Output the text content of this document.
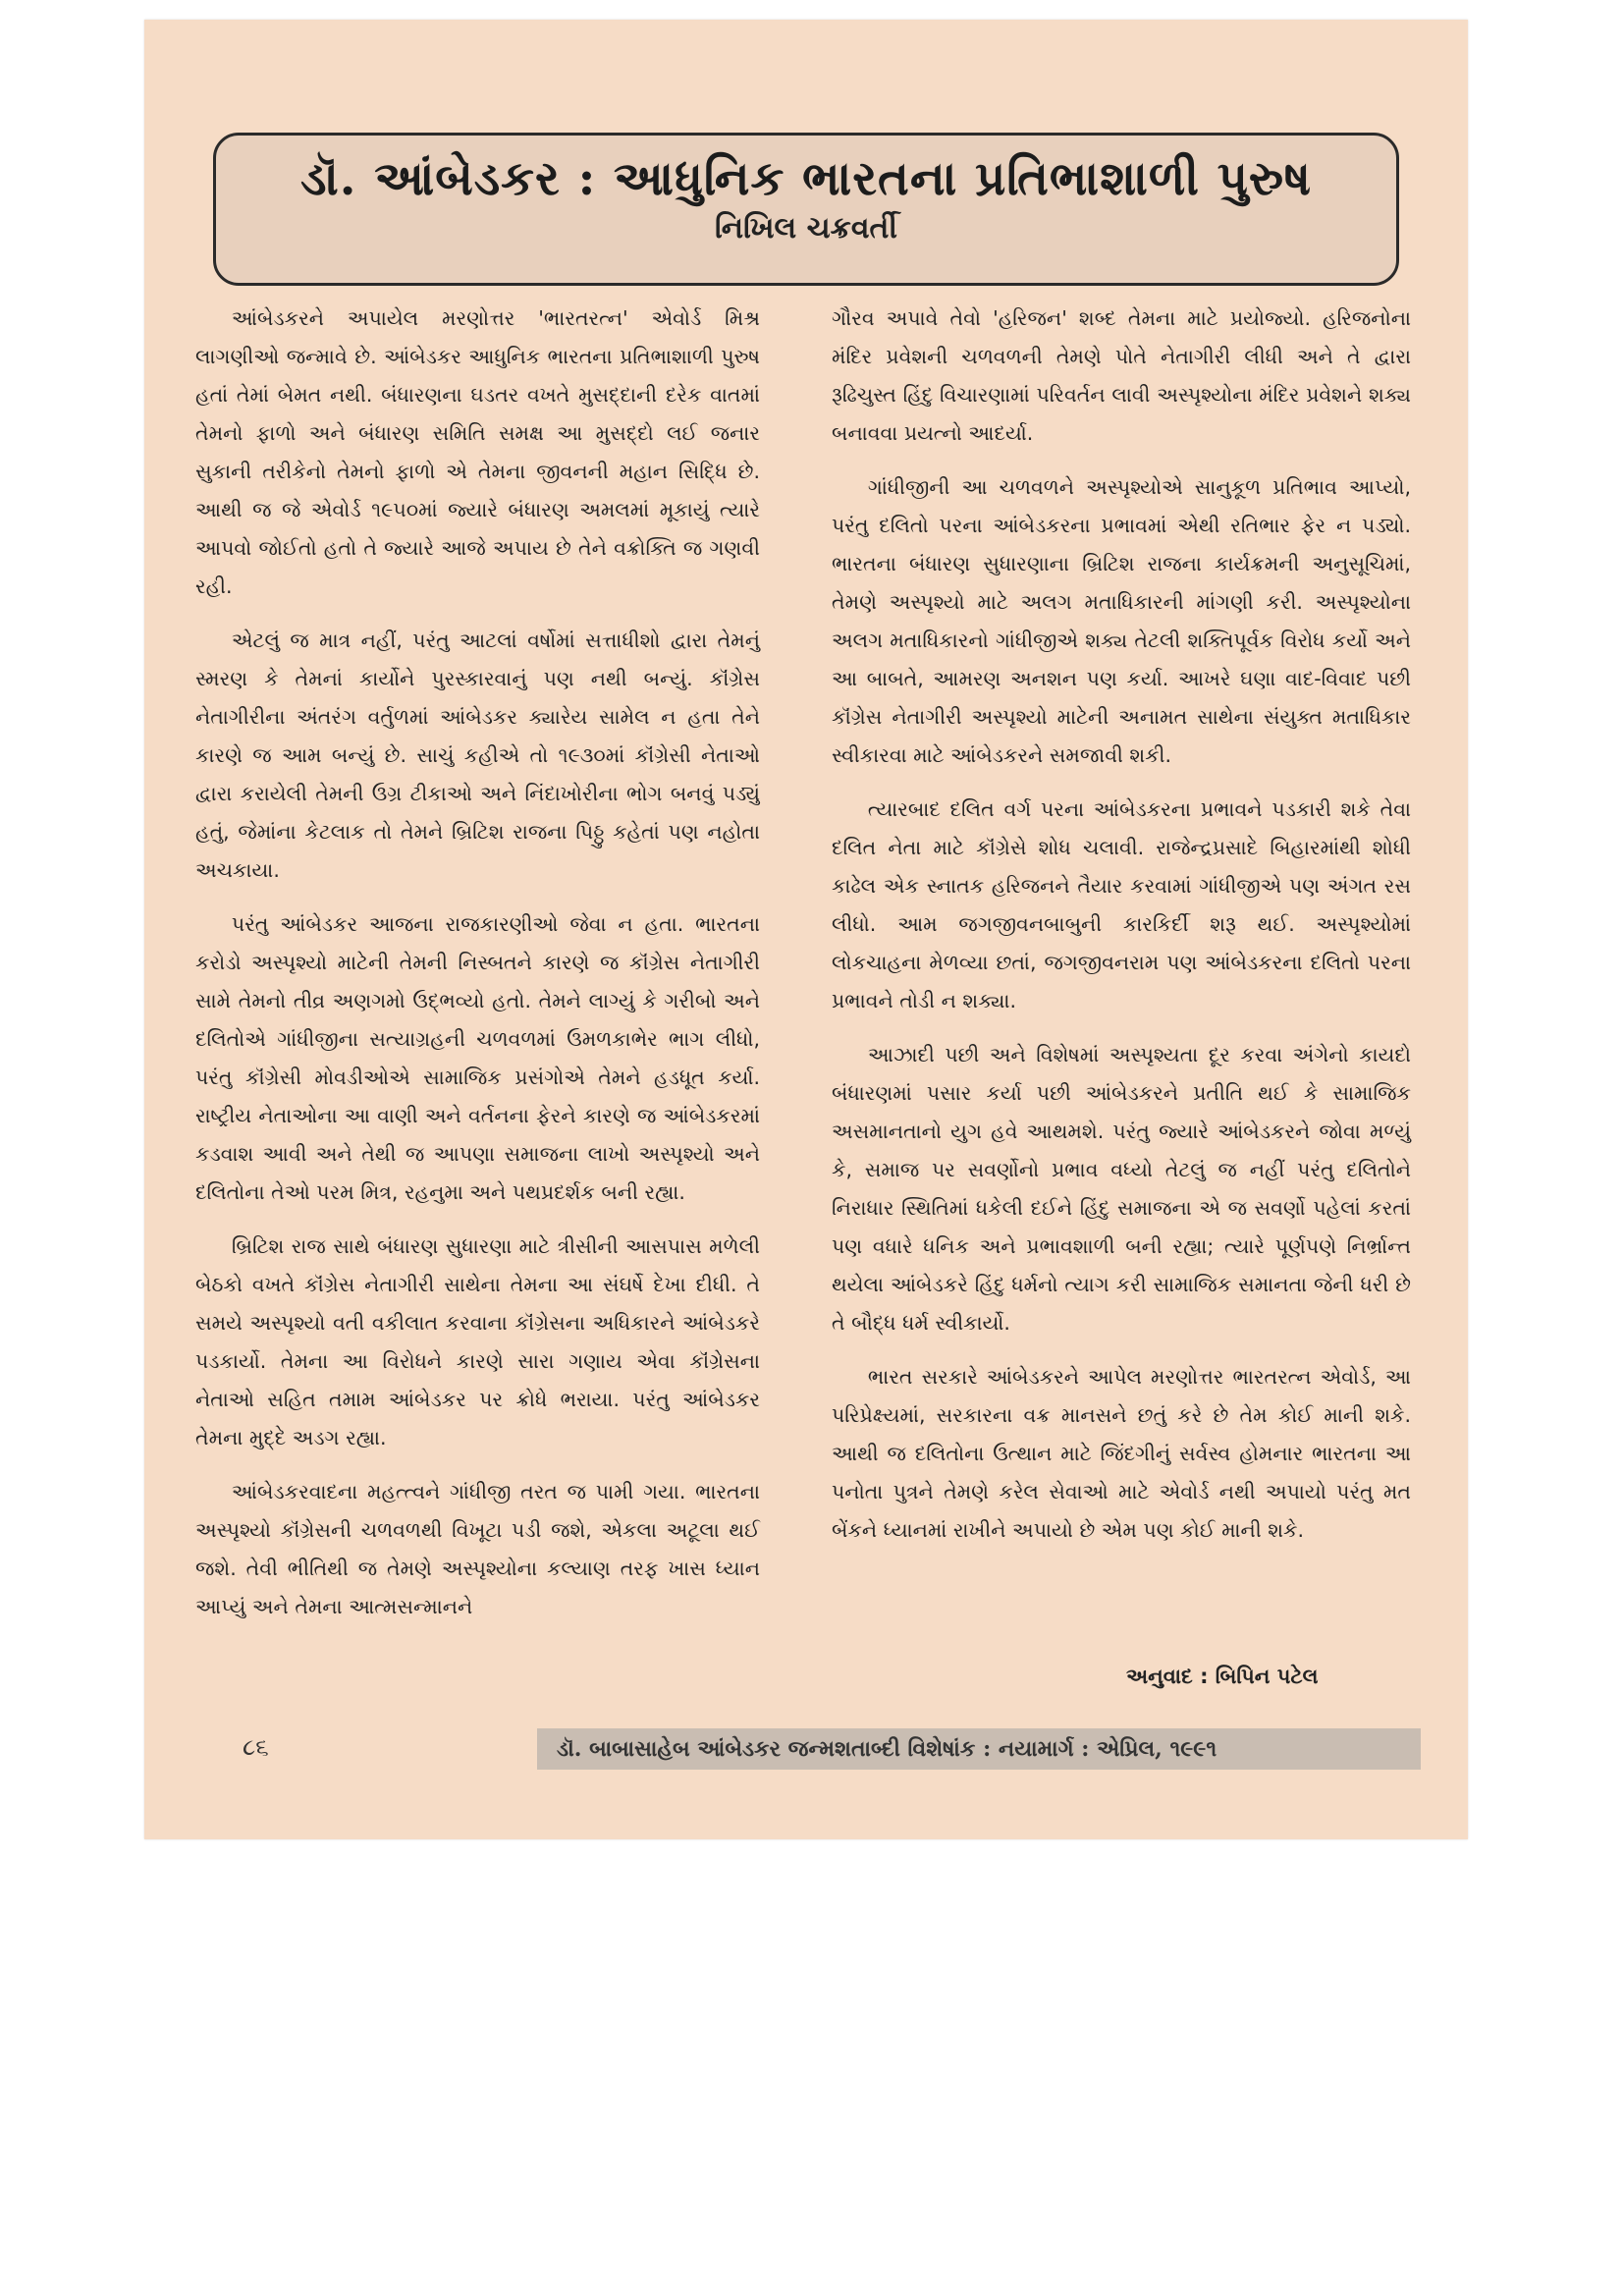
ડૉ. આંબેડકર : આધુનિક ભારતના પ્રતિભાશાળી પુરુષ

નિખિલ ચક્રવર્તી

આંબેડકરને અપાયેલ મરણોત્તર 'ભારતરત્ન' એવોર્ડ મિશ્ર લાગણીઓ જન્માવે છે. આંબેડકર આધુનિક ભારતના પ્રતિભાશાળી પુરુષ હતાં તેમાં બેમત નથી. બંધારણના ઘડતર વખતે મુસદ્દાની દરેક વાતમાં તેમનો ફાળો અને બંધારણ સમિતિ સમક્ષ આ મુસદ્દો લઈ જનાર સુકાની તરીકેનો તેમનો ફાળો એ તેમના જીવનની મહાન સિદ્ધિ છે. આથી જ જે એવોર્ડ ૧૯૫૦માં જ્યારે બંધારણ અમલમાં મૂકાયું ત્યારે આપવો જોઈતો હતો તે જ્યારે આજે અપાય છે તેને વક્રોક્તિ જ ગણવી રહી.

એટલું જ માત્ર નહીં, પરંતુ આટલાં વર્ષોમાં સત્તાધીશો દ્વારા તેમનું સ્મરણ કે તેમનાં કાર્યોને પુરસ્કારવાનું પણ નથી બન્યું. કૉંગ્રેસ નેતાગીરીના અંતરંગ વર્તુળમાં આંબેડકર ક્યારેય સામેલ ન હતા તેને કારણે જ આમ બન્યું છે. સાચું કહીએ તો ૧૯૩૦માં કૉંગ્રેસી નેતાઓ દ્વારા કરાયેલી તેમની ઉગ્ર ટીકાઓ અને નિંદાખોરીના ભોગ બનવું પડ્યું હતું, જેમાંના કેટલાક તો તેમને બ્રિટિશ રાજના પિઠ્ઠુ કહેતાં પણ નહોતા અચકાયા.

પરંતુ આંબેડકર આજના રાજકારણીઓ જેવા ન હતા. ભારતના કરોડો અસ્પૃશ્યો માટેની તેમની નિસ્બતને કારણે જ કૉંગ્રેસ નેતાગીરી સામે તેમનો તીવ્ર અણગમો ઉદ્ભવ્યો હતો. તેમને લાગ્યું કે ગરીબો અને દલિતોએ ગાંધીજીના સત્યાગ્રહની ચળવળમાં ઉમળકાભેર ભાગ લીધો, પરંતુ કૉંગ્રેસી મોવડીઓએ સામાજિક પ્રસંગોએ તેમને હડધૂત કર્યા. રાષ્ટ્રીય નેતાઓના આ વાણી અને વર્તનના ફેરને કારણે જ આંબેડકરમાં કડવાશ આવી અને તેથી જ આપણા સમાજના લાખો અસ્પૃશ્યો અને દલિતોના તેઓ પરમ મિત્ર, રહનુમા અને પથપ્રદર્શક બની રહ્યા.

બ્રિટિશ રાજ સાથે બંધારણ સુધારણા માટે ત્રીસીની આસપાસ મળેલી બેઠકો વખતે કૉંગ્રેસ નેતાગીરી સાથેના તેમના આ સંઘર્ષે દેખા દીધી. તે સમયે અસ્પૃશ્યો વતી વકીલાત કરવાના કૉંગ્રેસના અધિકારને આંબેડકરે પડકાર્યો. તેમના આ વિરોધને કારણે સારા ગણાય એવા કૉંગ્રેસના નેતાઓ સહિત તમામ આંબેડકર પર ક્રોધે ભરાયા. પરંતુ આંબેડકર તેમના મુદ્દે અડગ રહ્યા.

આંબેડકરવાદના મહત્ત્વને ગાંધીજી તરત જ પામી ગયા. ભારતના અસ્પૃશ્યો કૉંગ્રેસની ચળવળથી વિખૂટા પડી જશે, એકલા અટૂલા થઈ જશે. તેવી ભીતિથી જ તેમણે અસ્પૃશ્યોના કલ્યાણ તરફ ખાસ ધ્યાન આપ્યું અને તેમના આત્મસન્માનને

ગૌરવ અપાવે તેવો 'હરિજન' શબ્દ તેમના માટે પ્રયોજ્યો. હરિજનોના મંદિર પ્રવેશની ચળવળની તેમણે પોતે નેતાગીરી લીધી અને તે દ્વારા રૂઢિચુસ્ત હિંદુ વિચારણામાં પરિવર્તન લાવી અસ્પૃશ્યોના મંદિર પ્રવેશને શક્ય બનાવવા પ્રયત્નો આદર્યા.

ગાંધીજીની આ ચળવળને અસ્પૃશ્યોએ સાનુકૂળ પ્રતિભાવ આપ્યો, પરંતુ દલિતો પરના આંબેડકરના પ્રભાવમાં એથી રતિભાર ફેર ન પડ્યો. ભારતના બંધારણ સુધારણાના બ્રિટિશ રાજના કાર્યક્રમની અનુસૂચિમાં, તેમણે અસ્પૃશ્યો માટે અલગ મતાધિકારની માંગણી કરી. અસ્પૃશ્યોના અલગ મતાધિકારનો ગાંધીજીએ શક્ય તેટલી શક્તિપૂર્વક વિરોધ કર્યો અને આ બાબતે, આમરણ અનશન પણ કર્યા. આખરે ઘણા વાદ-વિવાદ પછી કૉંગ્રેસ નેતાગીરી અસ્પૃશ્યો માટેની અનામત સાથેના સંયુક્ત મતાધિકાર સ્વીકારવા માટે આંબેડકરને સમજાવી શકી.

ત્યારબાદ દલિત વર્ગ પરના આંબેડકરના પ્રભાવને પડકારી શકે તેવા દલિત નેતા માટે કૉંગ્રેસે શોધ ચલાવી. રાજેન્દ્રપ્રસાદે બિહારમાંથી શોધી કાઢેલ એક સ્નાતક હરિજનને તૈયાર કરવામાં ગાંધીજીએ પણ અંગત રસ લીધો. આમ જગજીવનબાબુની કારકિર્દી શરૂ થઈ. અસ્પૃશ્યોમાં લોકચાહના મેળવ્યા છતાં, જગજીવનરામ પણ આંબેડકરના દલિતો પરના પ્રભાવને તોડી ન શક્યા.

આઝાદી પછી અને વિશેષમાં અસ્પૃશ્યતા દૂર કરવા અંગેનો કાયદો બંધારણમાં પસાર કર્યા પછી આંબેડકરને પ્રતીતિ થઈ કે સામાજિક અસમાનતાનો યુગ હવે આથમશે. પરંતુ જ્યારે આંબેડકરને જોવા મળ્યું કે, સમાજ પર સવર્ણોનો પ્રભાવ વધ્યો તેટલું જ નહીં પરંતુ દલિતોને નિરાધાર સ્થિતિમાં ધકેલી દઈને હિંદુ સમાજના એ જ સવર્ણો પહેલાં કરતાં પણ વધારે ધનિક અને પ્રભાવશાળી બની રહ્યા; ત્યારે પૂર્ણપણે નિર્ભ્રાન્ત થયેલા આંબેડકરે હિંદુ ધર્મનો ત્યાગ કરી સામાજિક સમાનતા જેની ધરી છે તે બૌદ્ધ ધર્મ સ્વીકાર્યો.

ભારત સરકારે આંબેડકરને આપેલ મરણોત્તર ભારતરત્ન એવોર્ડ, આ પરિપ્રેક્ષ્યમાં, સરકારના વક્ર માનસને છતું કરે છે તેમ કોઈ માની શકે. આથી જ દલિતોના ઉત્થાન માટે જિંદગીનું સર્વસ્વ હોમનાર ભારતના આ પનોતા પુત્રને તેમણે કરેલ સેવાઓ માટે એવોર્ડ નથી અપાયો પરંતુ મત બેંકને ધ્યાનમાં રાખીને અપાયો છે એમ પણ કોઈ માની શકે.

અનુવાદ : બિપિન પટેલ
૮૬	ડૉ. બાબાસાહેબ આંબેડકર જન્મશતાબ્દી વિશેષાંક : નયામાર્ગ : એપ્રિલ, ૧૯૯૧
